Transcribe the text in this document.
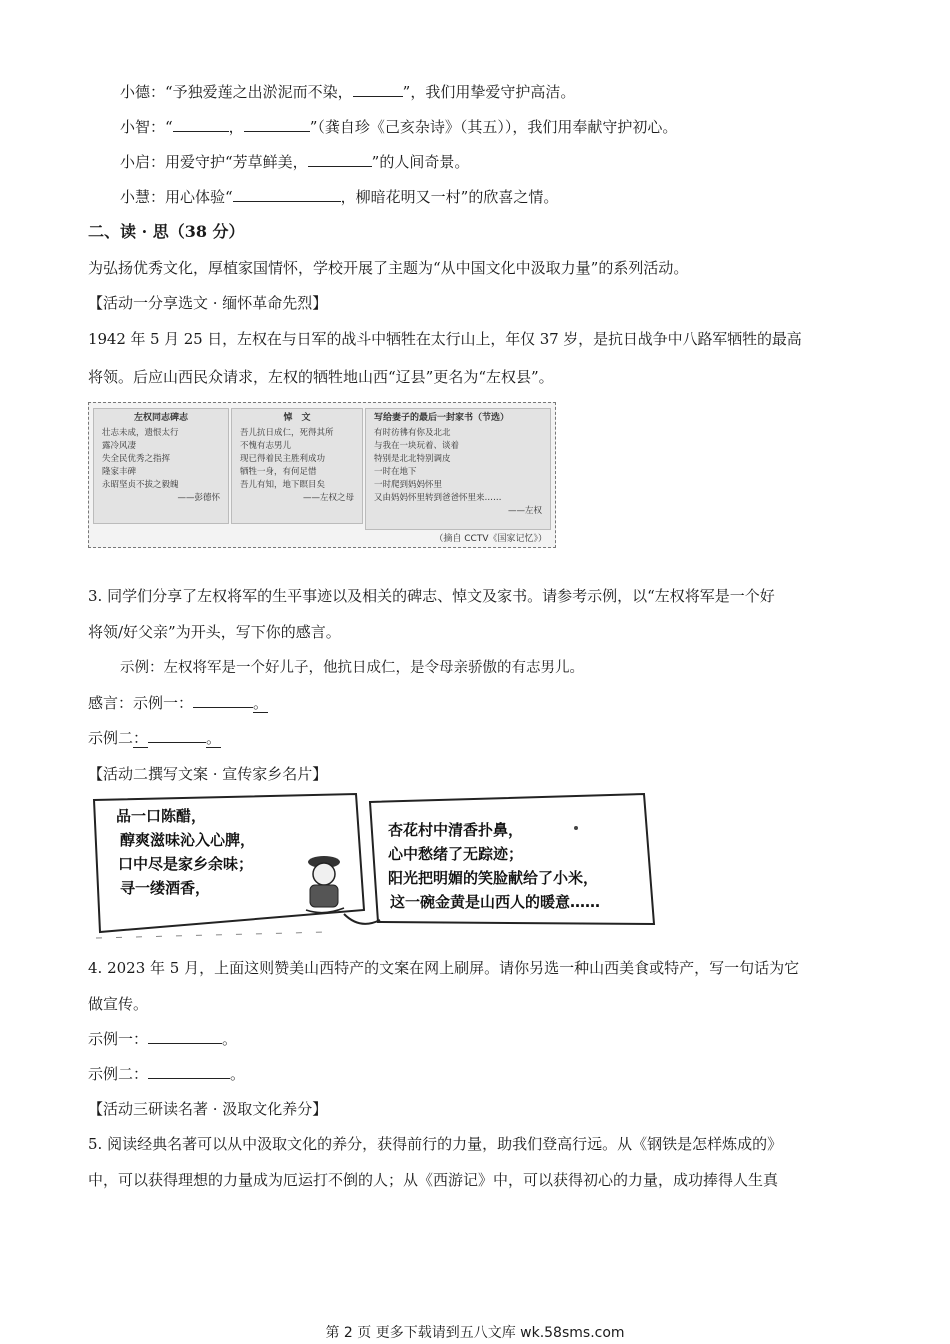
小德：“予独爱莲之出淤泥而不染，	”，我们用挚爱守护高洁。
小智：“	，	”（龚自珍《己亥杂诗》（其五）），我们用奉献守护初心。
小启：用爱守护“芳草鲜美，	”的人间奇景。
小慧：用心体验“	，柳暗花明又一村”的欣喜之情。
二、读 · 思（38 分）
为弘扬优秀文化，厚植家国情怀，学校开展了主题为“从中国文化中汲取力量”的系列活动。
【活动一分享选文 · 缅怀革命先烈】
1942 年 5 月 25 日，左权在与日军的战斗中牺牲在太行山上，年仅 37 岁，是抗日战争中八路军牺牲的最高
将领。后应山西民众请求，左权的牺牲地山西“辽县”更名为“左权县”。
左权同志碑志
壮志未成，遗恨太行
露冷风凄
失全民优秀之指挥
隆家丰碑
永昭坚贞不拔之毅魄
——彭德怀
悼　文
吾儿抗日成仁，死得其所
不愧有志男儿
现已得着民主胜利成功
牺牲一身，有何足惜
吾儿有知，地下瞑目矣
——左权之母
写给妻子的最后一封家书（节选）
有时彷彿有你及北北
与我在一块玩着、谈着
特别是北北特别调皮
一时在地下
一时爬到妈妈怀里
又由妈妈怀里转到爸爸怀里来……
——左权
（摘自 CCTV《国家记忆》）
3. 同学们分享了左权将军的生平事迹以及相关的碑志、悼文及家书。请参考示例，以“左权将军是一个好
将领/好父亲”为开头，写下你的感言。
示例：左权将军是一个好儿子，他抗日成仁，是令母亲骄傲的有志男儿。
感言：示例一：	。
示例二：	。
【活动二撰写文案 · 宣传家乡名片】
品一口陈醋，
醇爽滋味沁入心脾，
口中尽是家乡余味；
寻一缕酒香，
杏花村中清香扑鼻，
心中愁绪了无踪迹；
阳光把明媚的笑脸献给了小米，
这一碗金黄是山西人的暖意……
4. 2023 年 5 月，上面这则赞美山西特产的文案在网上刷屏。请你另选一种山西美食或特产，写一句话为它
做宣传。
示例一：	。
示例二：	。
【活动三研读名著 · 汲取文化养分】
5. 阅读经典名著可以从中汲取文化的养分，获得前行的力量，助我们登高行远。从《钢铁是怎样炼成的》
中，可以获得理想的力量成为厄运打不倒的人；从《西游记》中，可以获得初心的力量，成功捧得人生真
第 2 页 更多下载请到五八文库 wk.58sms.com
